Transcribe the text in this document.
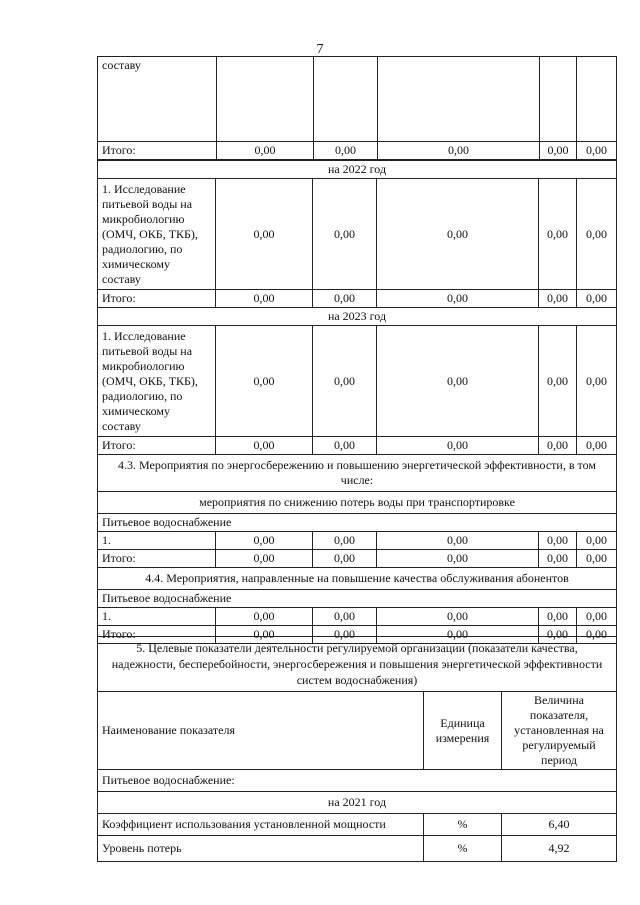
7
составу					
Итого:	0,00	0,00	0,00	0,00	0,00
на 2022 год					
1. Исследование питьевой воды на микробиологию (ОМЧ, ОКБ, ТКБ), радиологию, по химическому составу	0,00	0,00	0,00	0,00	0,00
Итого:	0,00	0,00	0,00	0,00	0,00
на 2023 год					
1. Исследование питьевой воды на микробиологию (ОМЧ, ОКБ, ТКБ), радиологию, по химическому составу	0,00	0,00	0,00	0,00	0,00
Итого:	0,00	0,00	0,00	0,00	0,00
4.3. Мероприятия по энергосбережению и повышению энергетической эффективности, в том числе:					
мероприятия по снижению потерь воды при транспортировке					
Питьевое водоснабжение					
1.	0,00	0,00	0,00	0,00	0,00
Итого:	0,00	0,00	0,00	0,00	0,00
4.4. Мероприятия, направленные на повышение качества обслуживания абонентов					
Питьевое водоснабжение					
1.	0,00	0,00	0,00	0,00	0,00
Итого:	0,00	0,00	0,00	0,00	0,00
5. Целевые показатели деятельности регулируемой организации (показатели качества, надежности, бесперебойности, энергосбережения и повышения энергетической эффективности систем водоснабжения)		
Наименование показателя	Единица измерения	Величина показателя, установленная на регулируемый период
Питьевое водоснабжение:		
на 2021 год		
Коэффициент использования установленной мощности	%	6,40
Уровень потерь	%	4,92
